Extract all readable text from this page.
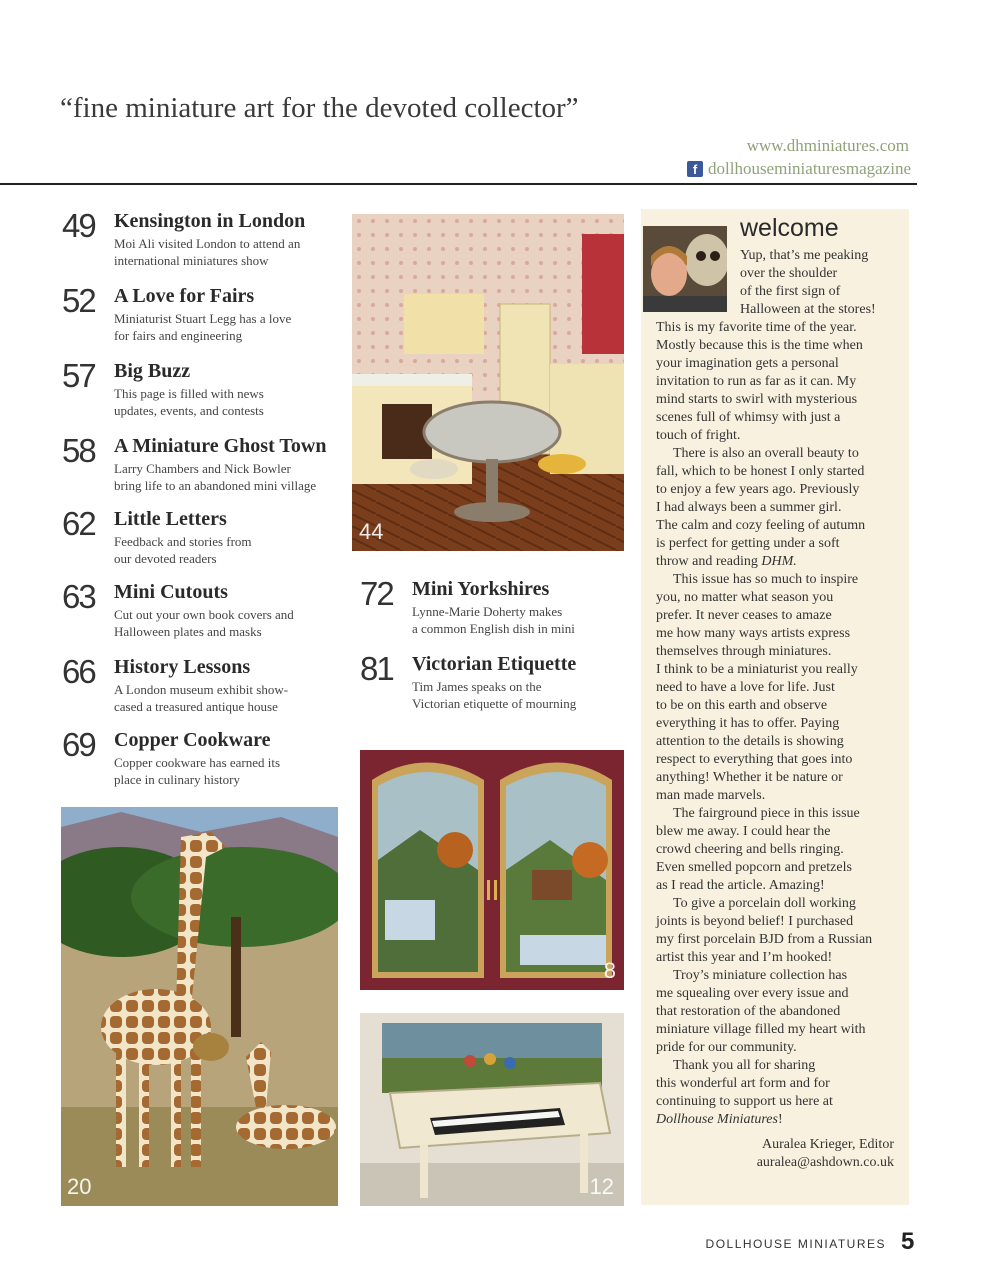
“fine miniature art for the devoted collector”
www.dhminiatures.com
f dollhouseminiaturesmagazine
49 Kensington in London
Moi Ali visited London to attend an
international miniatures show
52 A Love for Fairs
Miniaturist Stuart Legg has a love
for fairs and engineering
57 Big Buzz
This page is filled with news
updates, events, and contests
58 A Miniature Ghost Town
Larry Chambers and Nick Bowler
bring life to an abandoned mini village
62 Little Letters
Feedback and stories from
our devoted readers
63 Mini Cutouts
Cut out your own book covers and
Halloween plates and masks
66 History Lessons
A London museum exhibit show-
cased a treasured antique house
69 Copper Cookware
Copper cookware has earned its
place in culinary history
72 Mini Yorkshires
Lynne-Marie Doherty makes
a common English dish in mini
81 Victorian Etiquette
Tim James speaks on the
Victorian etiquette of mourning
44
20
8
12
welcome
Yup, that’s me peaking
over the shoulder
of the first sign of
Halloween at the stores!
This is my favorite time of the year.
Mostly because this is the time when
your imagination gets a personal
invitation to run as far as it can. My
mind starts to swirl with mysterious
scenes full of whimsy with just a
touch of fright.
There is also an overall beauty to
fall, which to be honest I only started
to enjoy a few years ago. Previously
I had always been a summer girl.
The calm and cozy feeling of autumn
is perfect for getting under a soft
throw and reading DHM.
This issue has so much to inspire
you, no matter what season you
prefer. It never ceases to amaze
me how many ways artists express
themselves through miniatures.
I think to be a miniaturist you really
need to have a love for life. Just
to be on this earth and observe
everything it has to offer. Paying
attention to the details is showing
respect to everything that goes into
anything! Whether it be nature or
man made marvels.
The fairground piece in this issue
blew me away. I could hear the
crowd cheering and bells ringing.
Even smelled popcorn and pretzels
as I read the article. Amazing!
To give a porcelain doll working
joints is beyond belief! I purchased
my first porcelain BJD from a Russian
artist this year and I’m hooked!
Troy’s miniature collection has
me squealing over every issue and
that restoration of the abandoned
miniature village filled my heart with
pride for our community.
Thank you all for sharing
this wonderful art form and for
continuing to support us here at
Dollhouse Miniatures!
Auralea Krieger, Editor
auralea@ashdown.co.uk
DOLLHOUSE MINIATURES 5
